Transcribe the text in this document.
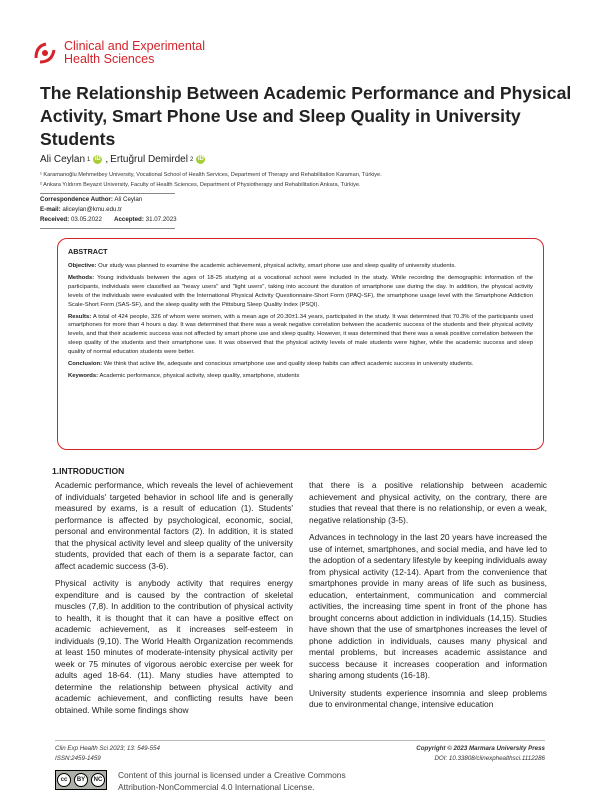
Clinical and Experimental
Health Sciences
The Relationship Between Academic Performance and Physical Activity, Smart Phone Use and Sleep Quality in University Students
Ali Ceylan 1 iD , Ertuğrul Demirdel 2 iD
¹ Karamanoğlu Mehmetbey University, Vocational School of Health Services, Department of Therapy and Rehabilitation Karaman, Türkiye.
² Ankara Yıldırım Beyazıt University, Faculty of Health Sciences, Department of Physiotherapy and Rehabilitation Ankara, Türkiye.
Correspondence Author: Ali Ceylan
E-mail: aliceylan@kmu.edu.tr
Received: 03.05.2022 Accepted: 31.07.2023
ABSTRACT

Objective: Our study was planned to examine the academic achievement, physical activity, smart phone use and sleep quality of university students.

Methods: Young individuals between the ages of 18-25 studying at a vocational school were included in the study. While recording the demographic information of the participants, individuals were classified as "heavy users" and "light users", taking into account the duration of smartphone use during the day. In addition, the physical activity levels of the individuals were evaluated with the International Physical Activity Questionnaire-Short Form (IPAQ-SF), the smartphone usage level with the Smartphone Addiction Scale-Short Form (SAS-SF), and the sleep quality with the Pittsburg Sleep Quality Index (PSQI).

Results: A total of 424 people, 326 of whom were women, with a mean age of 20.30±1.34 years, participated in the study. It was determined that 70.3% of the participants used smartphones for more than 4 hours a day. It was determined that there was a weak negative correlation between the academic success of the students and their physical activity levels, and that their academic success was not affected by smart phone use and sleep quality. However, it was determined that there was a weak positive correlation between the sleep quality of the students and their smartphone use. It was observed that the physical activity levels of male students were higher, while the academic success and sleep quality of normal education students were better.

Conclusion: We think that active life, adequate and conscious smartphone use and quality sleep habits can affect academic success in university students.

Keywords: Academic performance, physical activity, sleep quality, smartphone, students

1.INTRODUCTION

Academic performance, which reveals the level of achievement of individuals' targeted behavior in school life and is generally measured by exams, is a result of education (1). Students' performance is affected by psychological, economic, social, personal and environmental factors (2). In addition, it is stated that the physical activity level and sleep quality of the university students, provided that each of them is a separate factor, can affect academic success (3-6).

Physical activity is anybody activity that requires energy expenditure and is caused by the contraction of skeletal muscles (7,8). In addition to the contribution of physical activity to health, it is thought that it can have a positive effect on academic achievement, as it increases self-esteem in individuals (9,10). The World Health Organization recommends at least 150 minutes of moderate-intensity physical activity per week or 75 minutes of vigorous aerobic exercise per week for adults aged 18-64. (11). Many studies have attempted to determine the relationship between physical activity and academic achievement, and conflicting results have been obtained. While some findings show

that there is a positive relationship between academic achievement and physical activity, on the contrary, there are studies that reveal that there is no relationship, or even a weak, negative relationship (3-5).

Advances in technology in the last 20 years have increased the use of internet, smartphones, and social media, and have led to the adoption of a sedentary lifestyle by keeping individuals away from physical activity (12-14). Apart from the convenience that smartphones provide in many areas of life such as business, education, entertainment, communication and commercial activities, the increasing time spent in front of the phone has brought concerns about addiction in individuals (14,15). Studies have shown that the use of smartphones increases the level of phone addiction in individuals, causes many physical and mental problems, but increases academic assistance and success because it increases cooperation and information sharing among students (16-18).

University students experience insomnia and sleep problems due to environmental change, intensive education

Clin Exp Health Sci 2023; 13: 549-554
ISSN:2459-1459
Copyright © 2023 Marmara University Press
DOI: 10.33808/clinexphealthsci.1112286
cc	BY	NC	Content of this journal is licensed under a Creative Commons
Attribution-NonCommercial 4.0 International License.
